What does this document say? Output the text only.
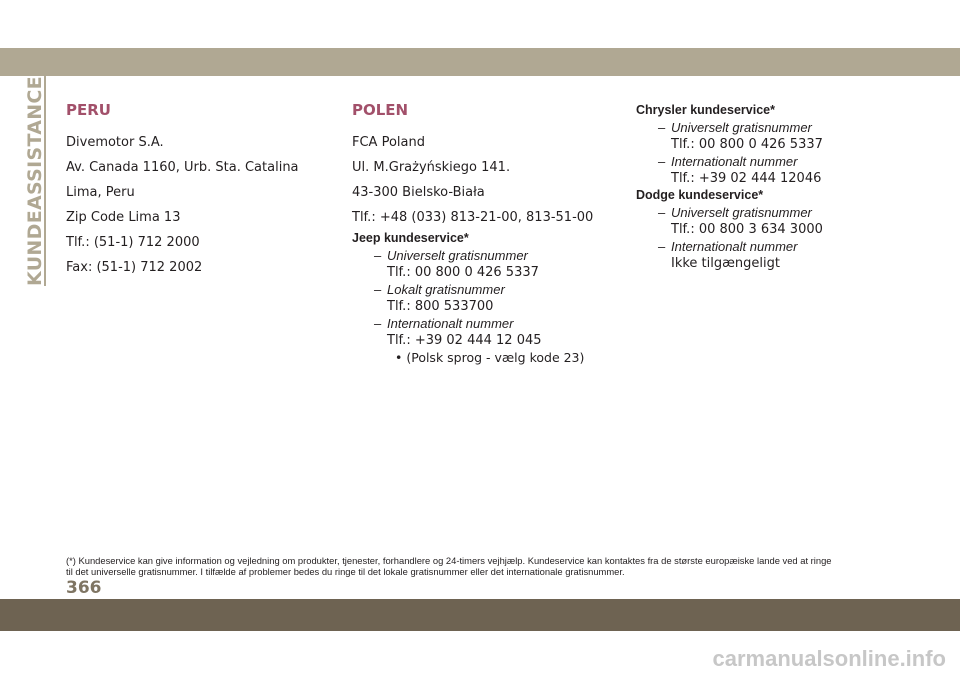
KUNDEASSISTANCE PERU
Divemotor S.A.
Av. Canada 1160, Urb. Sta. Catalina
Lima, Peru
Zip Code Lima 13
Tlf.: (51-1) 712 2000
Fax: (51-1) 712 2002
POLEN
FCA Poland
Ul. M.Grażyńskiego 141.
43-300 Bielsko-Biała
Tlf.: +48 (033) 813-21-00, 813-51-00
Jeep kundeservice*
– Universelt gratisnummer
Tlf.: 00 800 0 426 5337
– Lokalt gratisnummer
Tlf.: 800 533700
– Internationalt nummer
Tlf.: +39 02 444 12 045
• (Polsk sprog - vælg kode 23)
Chrysler kundeservice*
– Universelt gratisnummer
Tlf.: 00 800 0 426 5337
– Internationalt nummer
Tlf.: +39 02 444 12046
Dodge kundeservice*
– Universelt gratisnummer
Tlf.: 00 800 3 634 3000
– Internationalt nummer
Ikke tilgængeligt
(*) Kundeservice kan give information og vejledning om produkter, tjenester, forhandlere og 24-timers vejhjælp. Kundeservice kan kontaktes fra de største europæiske lande ved at ringe
til det universelle gratisnummer. I tilfælde af problemer bedes du ringe til det lokale gratisnummer eller det internationale gratisnummer.
366
carmanualsonline.info
